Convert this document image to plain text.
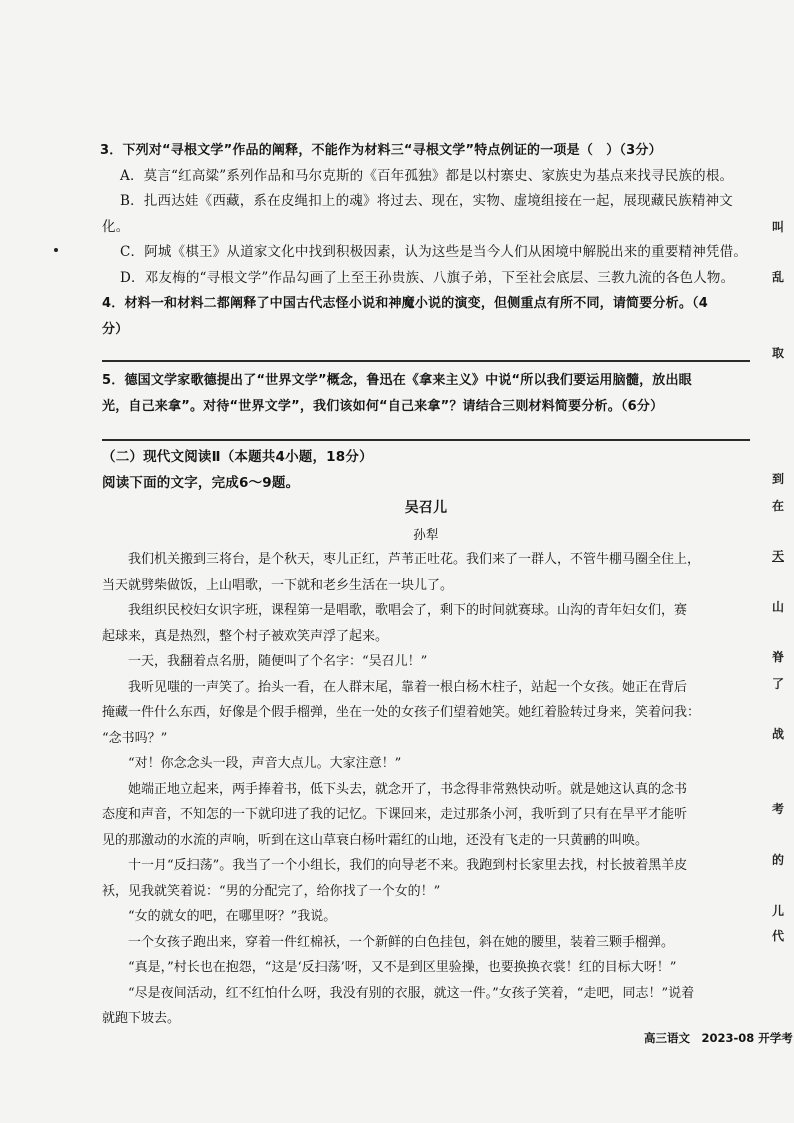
3．下列对“寻根文学”作品的阐释，不能作为材料三“寻根文学”特点例证的一项是（　）（3分）
A．莫言“红高粱”系列作品和马尔克斯的《百年孤独》都是以村寨史、家族史为基点来找寻民族的根。
B．扎西达娃《西藏，系在皮绳扣上的魂》将过去、现在，实物、虚境组接在一起，展现藏民族精神文
化。
C．阿城《棋王》从道家文化中找到积极因素，认为这些是当今人们从困境中解脱出来的重要精神凭借。
D．邓友梅的“寻根文学”作品勾画了上至王孙贵族、八旗子弟，下至社会底层、三教九流的各色人物。
4．材料一和材料二都阐释了中国古代志怪小说和神魔小说的演变，但侧重点有所不同，请简要分析。（4
分）
5．德国文学家歌德提出了“世界文学”概念，鲁迅在《拿来主义》中说“所以我们要运用脑髓，放出眼
光，自己来拿”。对待“世界文学”，我们该如何“自己来拿”？请结合三则材料简要分析。（6分）
（二）现代文阅读Ⅱ（本题共4小题，18分）
阅读下面的文字，完成6～9题。
吴召儿
孙犁
我们机关搬到三将台，是个秋天，枣儿正红，芦苇正吐花。我们来了一群人，不管牛棚马圈全住上，
当天就劈柴做饭，上山唱歌，一下就和老乡生活在一块儿了。
我组织民校妇女识字班，课程第一是唱歌，歌唱会了，剩下的时间就赛球。山沟的青年妇女们，赛
起球来，真是热烈，整个村子被欢笑声浮了起来。
一天，我翻着点名册，随便叫了个名字：“吴召儿！”
我听见嗤的一声笑了。抬头一看，在人群末尾，靠着一根白杨木柱子，站起一个女孩。她正在背后
掩藏一件什么东西，好像是个假手榴弹，坐在一处的女孩子们望着她笑。她红着脸转过身来，笑着问我：
“念书吗？”
“对！你念念头一段，声音大点儿。大家注意！”
她端正地立起来，两手捧着书，低下头去，就念开了，书念得非常熟快动听。就是她这认真的念书
态度和声音，不知怎的一下就印进了我的记忆。下课回来，走过那条小河，我听到了只有在旱平才能听
见的那激动的水流的声响，听到在这山草衰白杨叶霜红的山地，还没有飞走的一只黄鹂的叫唤。
十一月“反扫荡”。我当了一个小组长，我们的向导老不来。我跑到村长家里去找，村长披着黑羊皮
袄，见我就笑着说：“男的分配完了，给你找了一个女的！”
“女的就女的吧，在哪里呀？”我说。
一个女孩子跑出来，穿着一件红棉袄，一个新鲜的白色挂包，斜在她的腰里，装着三颗手榴弹。
“真是，”村长也在抱怨，“这是‘反扫荡’呀，又不是到区里验操，也要换换衣裳！红的目标大呀！”
“尽是夜间活动，红不红怕什么呀，我没有别的衣服，就这一件。”女孩子笑着，“走吧，同志！”说着
就跑下坡去。
叫
乱
取
到
在
天
山
脊
了
战
考
的
儿
代
高三语文　2023-08 开学考
